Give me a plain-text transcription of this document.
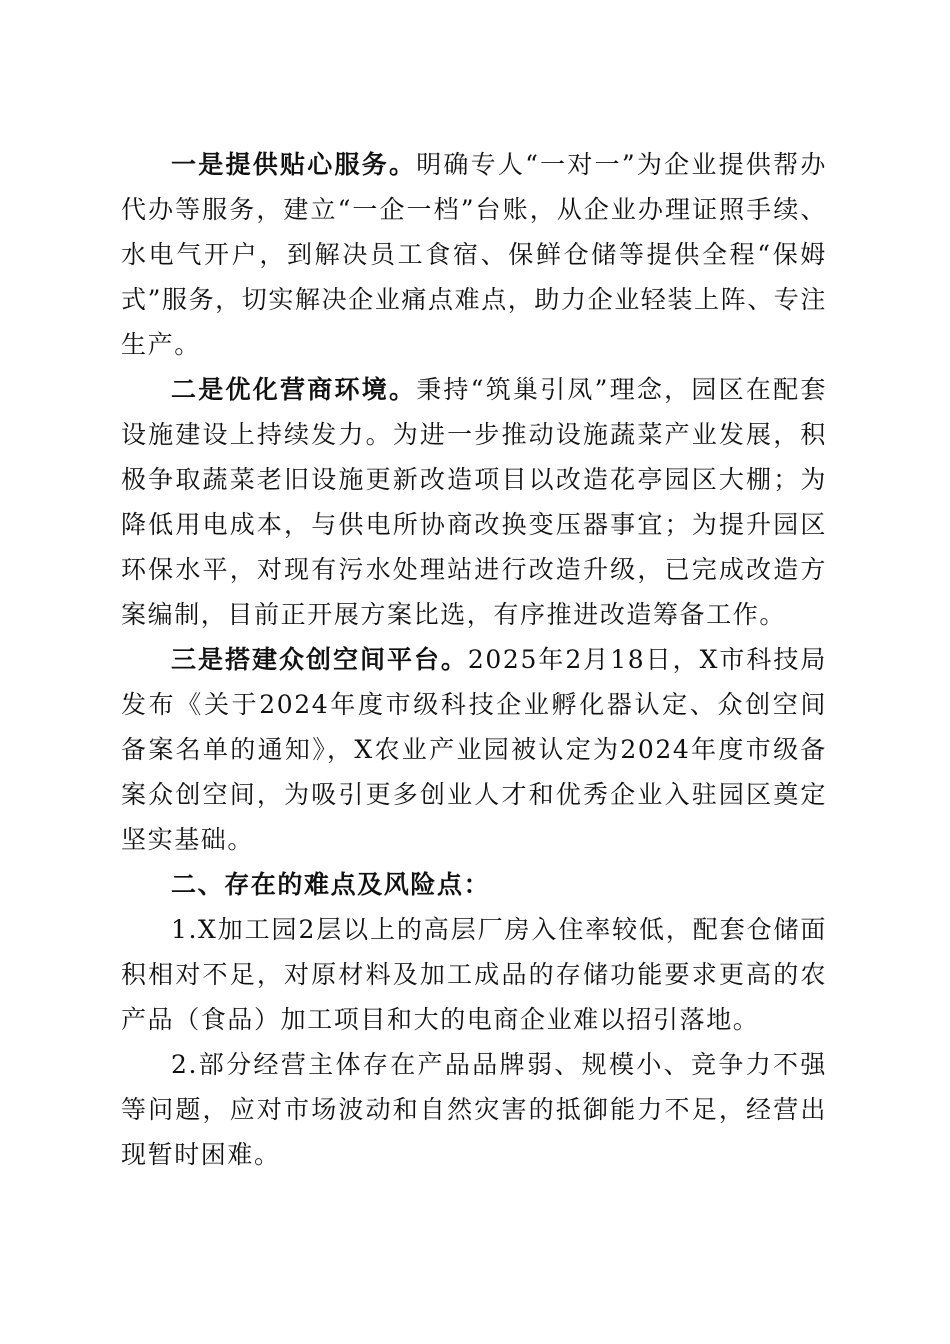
一是提供贴心服务。明确专人“一对一”为企业提供帮办代办等服务，建立“一企一档”台账，从企业办理证照手续、水电气开户，到解决员工食宿、保鲜仓储等提供全程“保姆式”服务，切实解决企业痛点难点，助力企业轻装上阵、专注生产。

二是优化营商环境。秉持“筑巢引凤”理念，园区在配套设施建设上持续发力。为进一步推动设施蔬菜产业发展，积极争取蔬菜老旧设施更新改造项目以改造花亭园区大棚；为降低用电成本，与供电所协商改换变压器事宜；为提升园区环保水平，对现有污水处理站进行改造升级，已完成改造方案编制，目前正开展方案比选，有序推进改造筹备工作。

三是搭建众创空间平台。2025年2月18日，X市科技局发布《关于2024年度市级科技企业孵化器认定、众创空间备案名单的通知》，X农业产业园被认定为2024年度市级备案众创空间，为吸引更多创业人才和优秀企业入驻园区奠定坚实基础。

二、存在的难点及风险点：

1.X加工园2层以上的高层厂房入住率较低，配套仓储面积相对不足，对原材料及加工成品的存储功能要求更高的农产品（食品）加工项目和大的电商企业难以招引落地。

2.部分经营主体存在产品品牌弱、规模小、竞争力不强等问题，应对市场波动和自然灾害的抵御能力不足，经营出现暂时困难。
